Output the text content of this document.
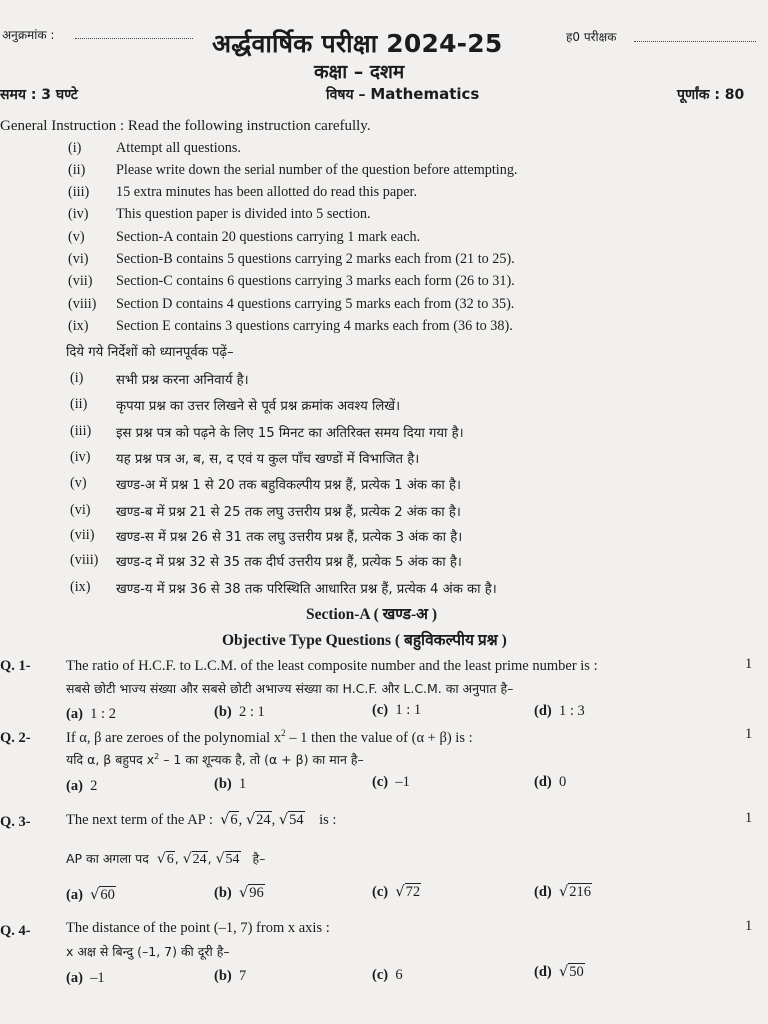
अनुक्रमांक :	अर्द्धवार्षिक परीक्षा 2024-25	ह0 परीक्षक
कक्षा – दशम
समय : 3 घण्टे	विषय – Mathematics	पूर्णांक : 80
General Instruction : Read the following instruction carefully.
(i) Attempt all questions.
(ii) Please write down the serial number of the question before attempting.
(iii) 15 extra minutes has been allotted do read this paper.
(iv) This question paper is divided into 5 section.
(v) Section-A contain 20 questions carrying 1 mark each.
(vi) Section-B contains 5 questions carrying 2 marks each from (21 to 25).
(vii) Section-C contains 6 questions carrying 3 marks each form (26 to 31).
(viii) Section D contains 4 questions carrying 5 marks each from (32 to 35).
(ix) Section E contains 3 questions carrying 4 marks each from (36 to 38).
दिये गये निर्देशों को ध्यानपूर्वक पढ़ें–
(i) सभी प्रश्न करना अनिवार्य है।
(ii) कृपया प्रश्न का उत्तर लिखने से पूर्व प्रश्न क्रमांक अवश्य लिखें।
(iii) इस प्रश्न पत्र को पढ़ने के लिए 15 मिनट का अतिरिक्त समय दिया गया है।
(iv) यह प्रश्न पत्र अ, ब, स, द एवं य कुल पाँच खण्डों में विभाजित है।
(v) खण्ड-अ में प्रश्न 1 से 20 तक बहुविकल्पीय प्रश्न हैं, प्रत्येक 1 अंक का है।
(vi) खण्ड-ब में प्रश्न 21 से 25 तक लघु उत्तरीय प्रश्न हैं, प्रत्येक 2 अंक का है।
(vii) खण्ड-स में प्रश्न 26 से 31 तक लघु उत्तरीय प्रश्न हैं, प्रत्येक 3 अंक का है।
(viii) खण्ड-द में प्रश्न 32 से 35 तक दीर्घ उत्तरीय प्रश्न हैं, प्रत्येक 5 अंक का है।
(ix) खण्ड-य में प्रश्न 36 से 38 तक परिस्थिति आधारित प्रश्न हैं, प्रत्येक 4 अंक का है।
Section-A ( खण्ड-अ )
Objective Type Questions ( बहुविकल्पीय प्रश्न )
Q. 1- The ratio of H.C.F. to L.C.M. of the least composite number and the least prime number is :	1
सबसे छोटी भाज्य संख्या और सबसे छोटी अभाज्य संख्या का H.C.F. और L.C.M. का अनुपात है–
(a) 1 : 2	(b) 2 : 1	(c) 1 : 1	(d) 1 : 3
Q. 2- If α, β are zeroes of the polynomial $x^2 - 1$ then the value of (α + β) is :	1
यदि α, β बहुपद $x^2 - 1$ का शून्यक है, तो (α + β) का मान है–
(a) 2	(b) 1	(c) –1	(d) 0
Q. 3- The next term of the AP : √6, √24, √54 is :	1
AP का अगला पद √6, √24, √54 है–
(a) √60	(b) √96	(c) √72	(d) √216
Q. 4- The distance of the point (–1, 7) from x axis :	1
x अक्ष से बिन्दु (–1, 7) की दूरी है–
(a) –1	(b) 7	(c) 6	(d) √50
